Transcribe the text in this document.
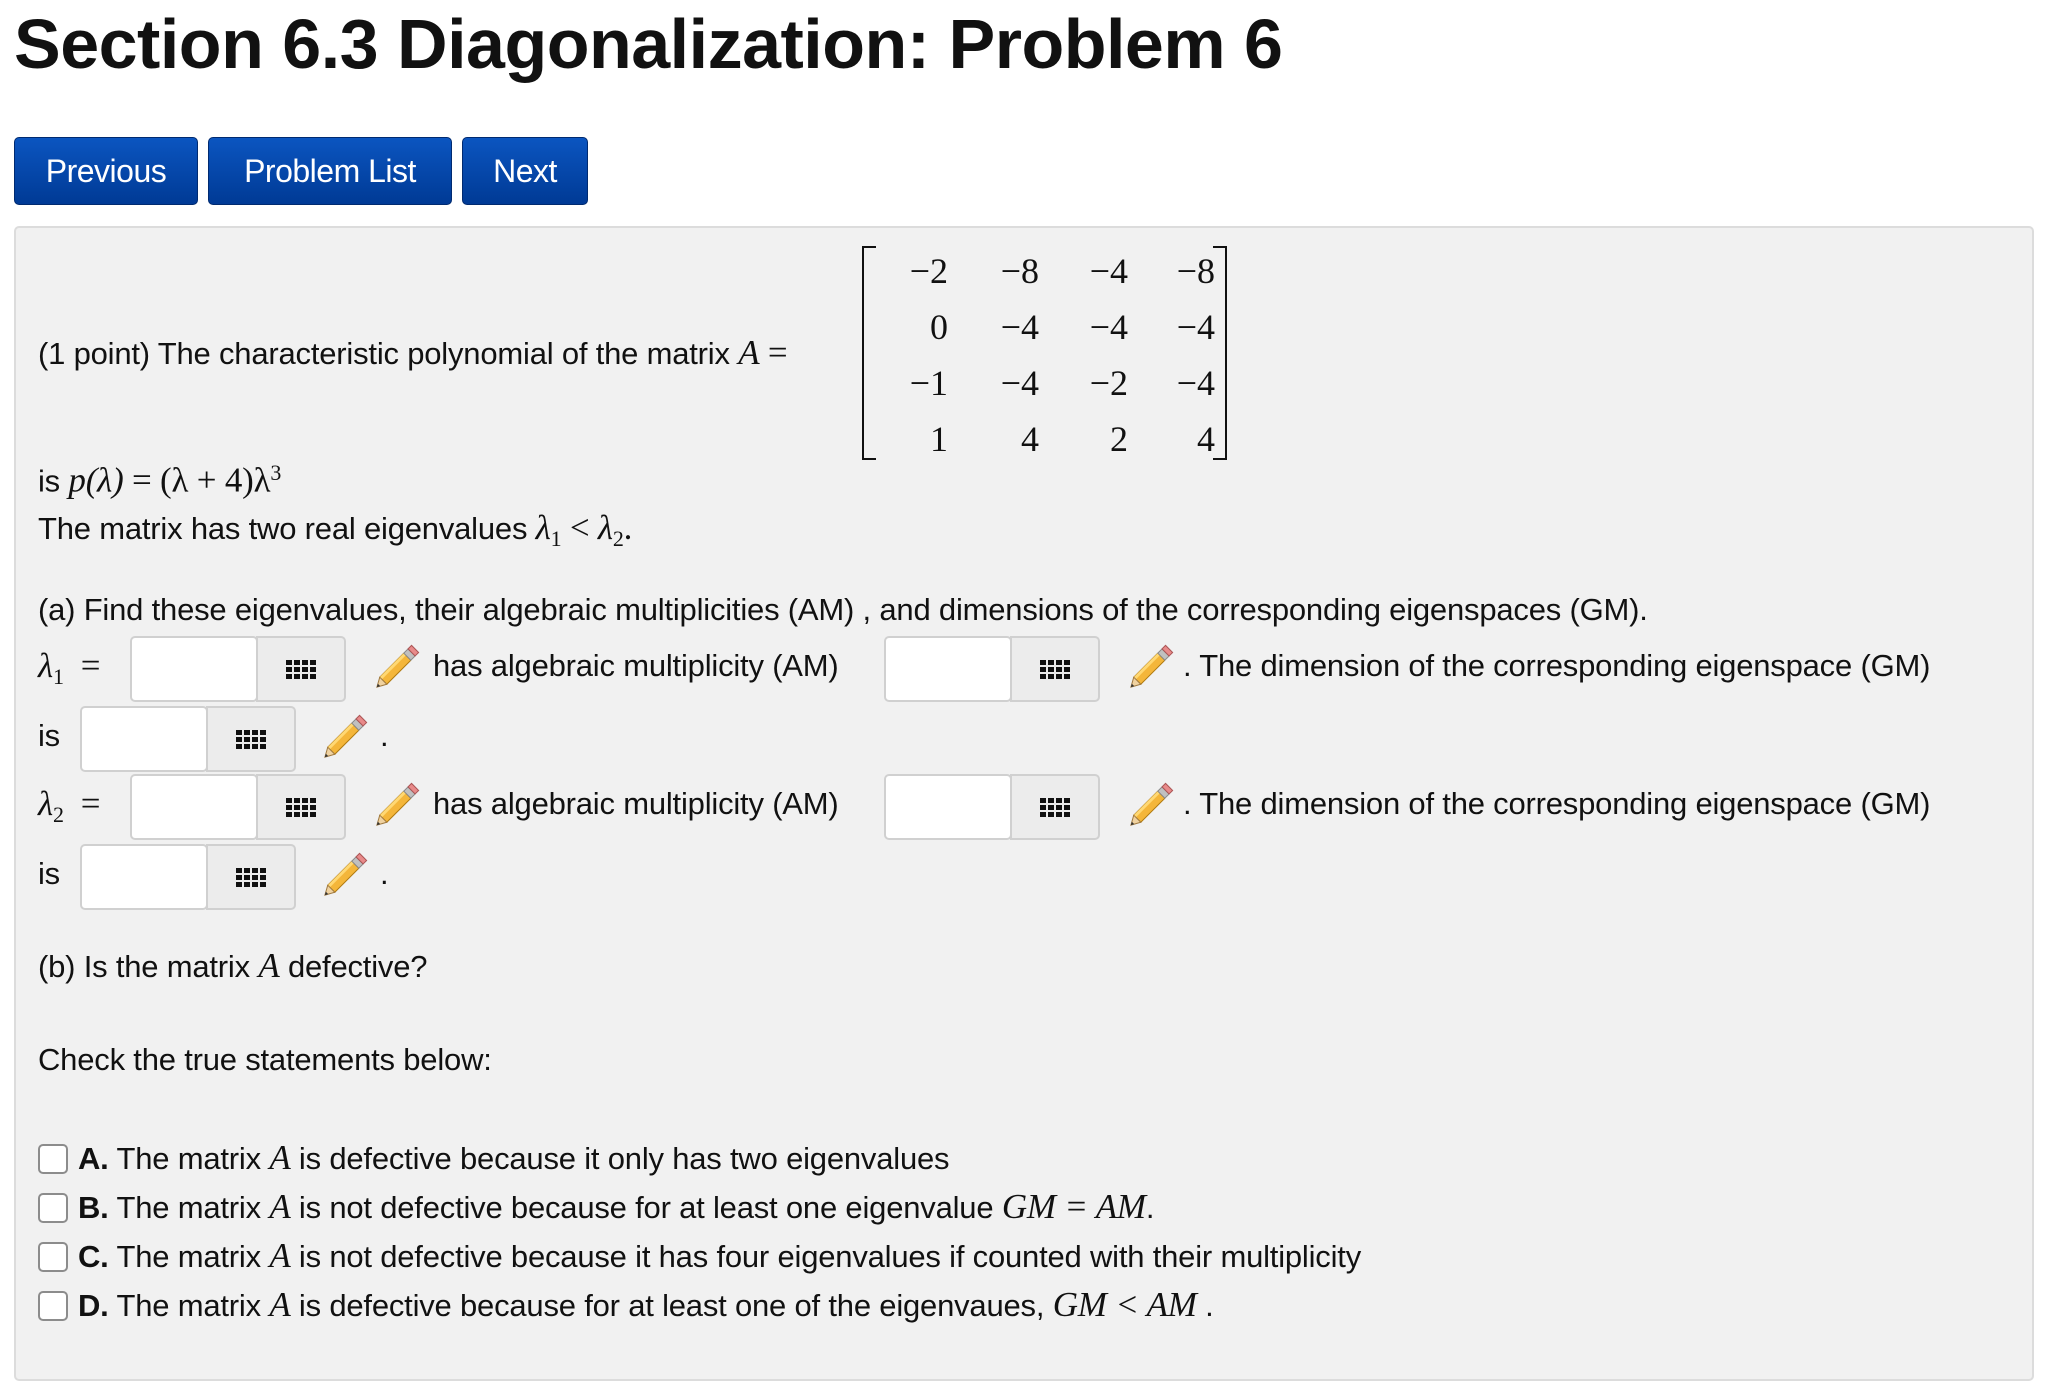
Section 6.3 Diagonalization: Problem 6
Previous	Problem List	Next
(1 point) The characteristic polynomial of the matrix A =
−2	−8	−4	−8
0	−4	−4	−4
−1	−4	−2	−4
1	4	2	4
is $p(\lambda) = (\lambda + 4)\lambda^3$
The matrix has two real eigenvalues $\lambda_1 < \lambda_2$.
(a) Find these eigenvalues, their algebraic multiplicities (AM) , and dimensions of the corresponding eigenspaces (GM).
$\lambda_1$  =	has algebraic multiplicity (AM)	. The dimension of the corresponding eigenspace (GM)
is	.
$\lambda_2$  =	has algebraic multiplicity (AM)	. The dimension of the corresponding eigenspace (GM)
is	.
(b) Is the matrix A defective?
Check the true statements below:
A. The matrix A is defective because it only has two eigenvalues
B. The matrix A is not defective because for at least one eigenvalue GM = AM.
C. The matrix A is not defective because it has four eigenvalues if counted with their multiplicity
D. The matrix A is defective because for at least one of the eigenvaues, GM < AM .
